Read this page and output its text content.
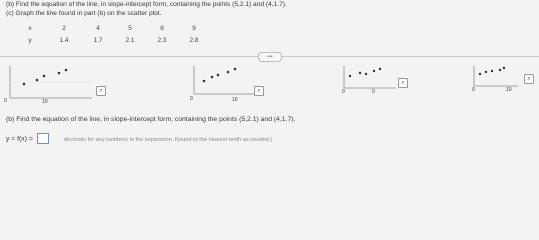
(b) Find the equation of the line, in slope-intercept form, containing the points (5,2.1) and (4,1.7).
(c) Graph the line found in part (b) on the scatter plot.
x	2	4	5	8	9
y	1.4	1.7	2.1	2.3	2.8
•••
0	10
⌕
0	10
⌕	0	0
⌕
0	10
⌕
(b) Find the equation of the line, in slope-intercept form, containing the points (5,2.1) and (4,1.7).
y = f(x) =	decimals for any numbers in the expression. Round to the nearest tenth as needed.)
